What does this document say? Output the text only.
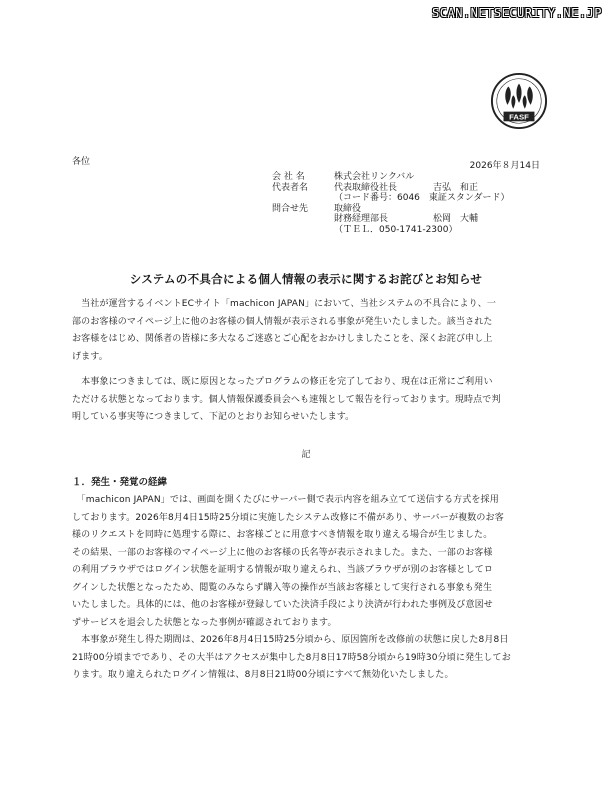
SCAN.NETSECURITY.NE.JP
FASF
2026年８月14日
各位
会 社 名	株式会社リンクバル
代表者名	代表取締役社長　　　　吉弘　和正
（コード番号：6046　東証スタンダード）
問合せ先	取締役
財務経理部長　　　　　松岡　大輔
（ＴＥＬ．050-1741-2300）
システムの不具合による個人情報の表示に関するお詫びとお知らせ

　当社が運営するイベントECサイト「machicon JAPAN」において、当社システムの不具合により、一
部のお客様のマイページ上に他のお客様の個人情報が表示される事象が発生いたしました。該当された
お客様をはじめ、関係者の皆様に多大なるご迷惑とご心配をおかけしましたことを、深くお詫び申し上
げます。

　本事象につきましては、既に原因となったプログラムの修正を完了しており、現在は正常にご利用い
ただける状態となっております。個人情報保護委員会へも速報として報告を行っております。現時点で判
明している事実等につきまして、下記のとおりお知らせいたします。

記
１．発生・発覚の経緯

　「machicon JAPAN」では、画面を開くたびにサーバー側で表示内容を組み立てて送信する方式を採用
しております。2026年8月4日15時25分頃に実施したシステム改修に不備があり、サーバーが複数のお客
様のリクエストを同時に処理する際に、お客様ごとに用意すべき情報を取り違える場合が生じました。
その結果、一部のお客様のマイページ上に他のお客様の氏名等が表示されました。また、一部のお客様
の利用ブラウザではログイン状態を証明する情報が取り違えられ、当該ブラウザが別のお客様としてロ
グインした状態となったため、閲覧のみならず購入等の操作が当該お客様として実行される事象も発生
いたしました。具体的には、他のお客様が登録していた決済手段により決済が行われた事例及び意図せ
ずサービスを退会した状態となった事例が確認されております。

　本事象が発生し得た期間は、2026年8月4日15時25分頃から、原因箇所を改修前の状態に戻した8月8日
21時00分頃までであり、その大半はアクセスが集中した8月8日17時58分頃から19時30分頃に発生してお
ります。取り違えられたログイン情報は、8月8日21時00分頃にすべて無効化いたしました。
